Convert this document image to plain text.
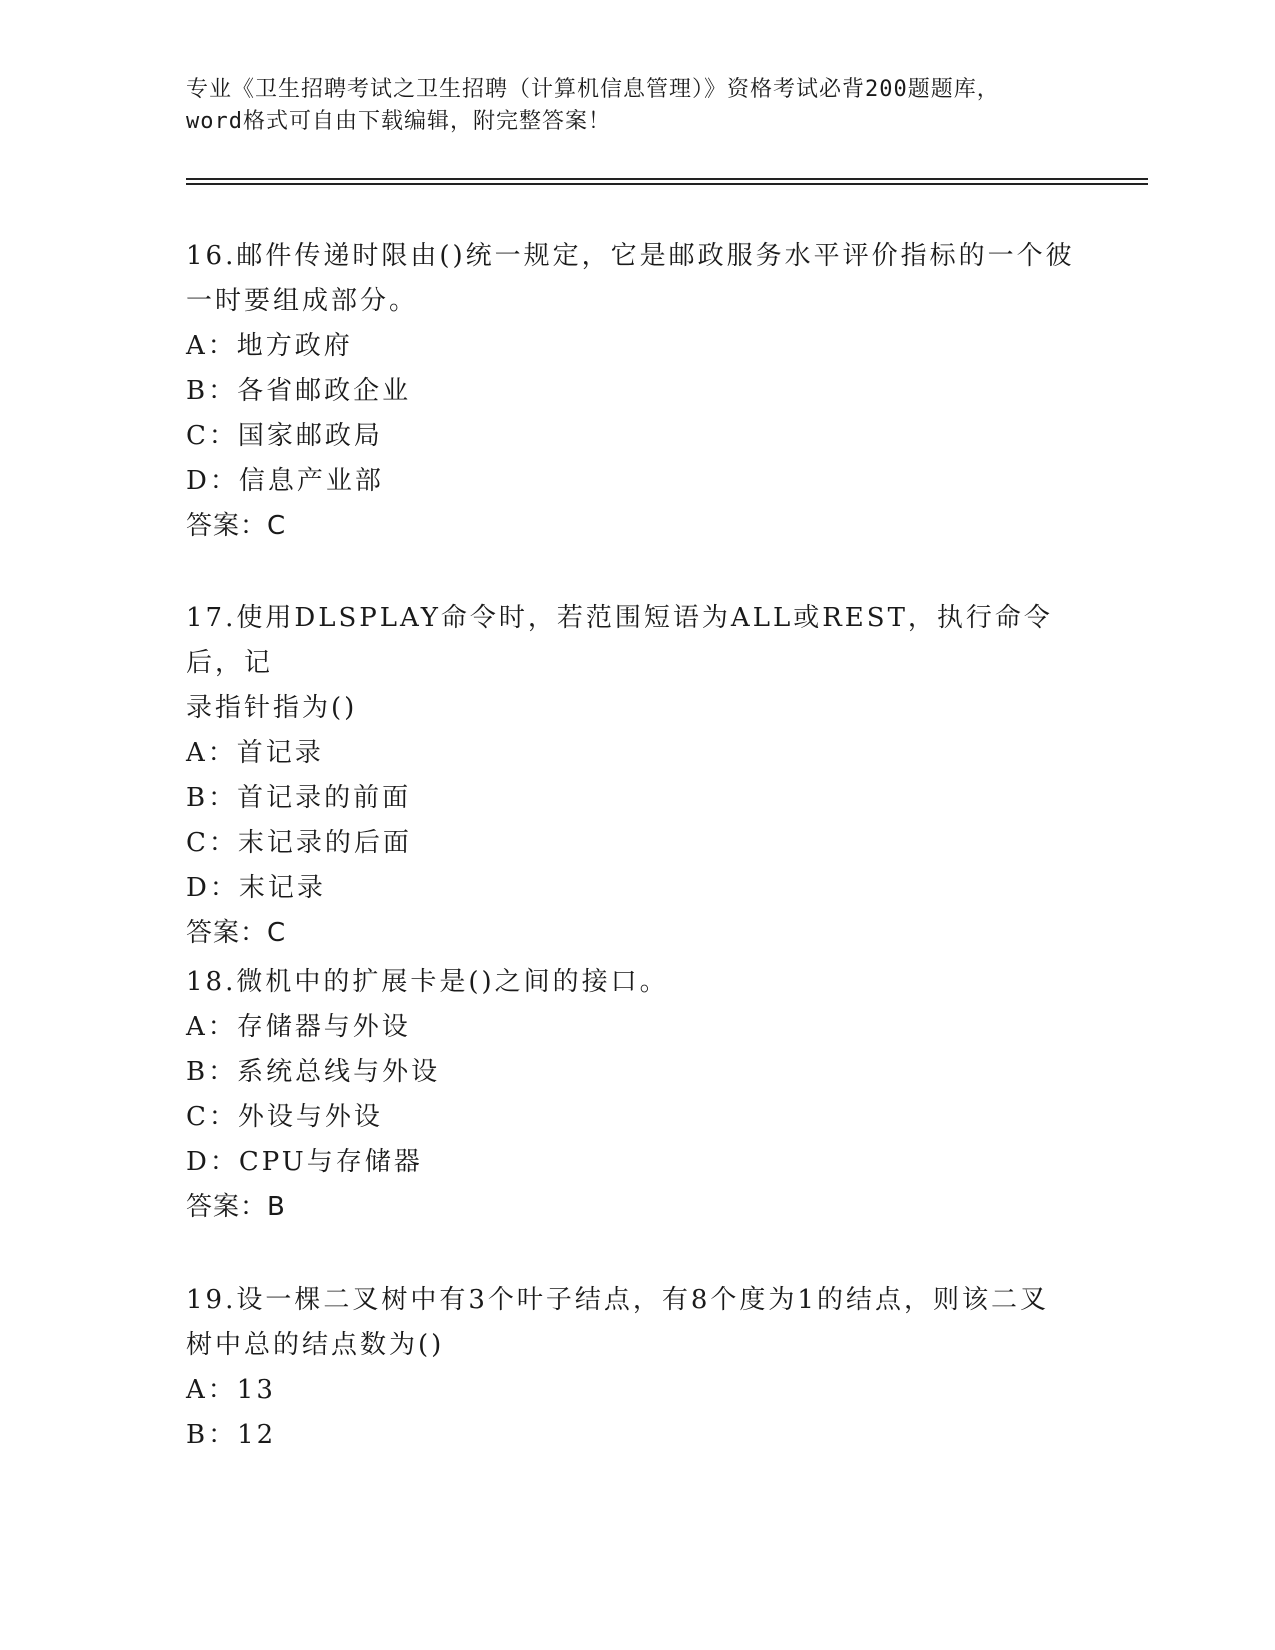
专业《卫生招聘考试之卫生招聘（计算机信息管理）》资格考试必背200题题库，
word格式可自由下载编辑，附完整答案！

16.邮件传递时限由()统一规定，它是邮政服务水平评价指标的一个彼

一时要组成部分。

A：地方政府

B：各省邮政企业

C：国家邮政局

D：信息产业部

答案：C

17.使用DLSPLAY命令时，若范围短语为ALL或REST，执行命令后，记

录指针指为()

A：首记录

B：首记录的前面

C：末记录的后面

D：末记录

答案：C

18.微机中的扩展卡是()之间的接口。

A：存储器与外设

B：系统总线与外设

C：外设与外设

D：CPU与存储器

答案：B

19.设一棵二叉树中有3个叶子结点，有8个度为1的结点，则该二叉

树中总的结点数为()

A：13

B：12
